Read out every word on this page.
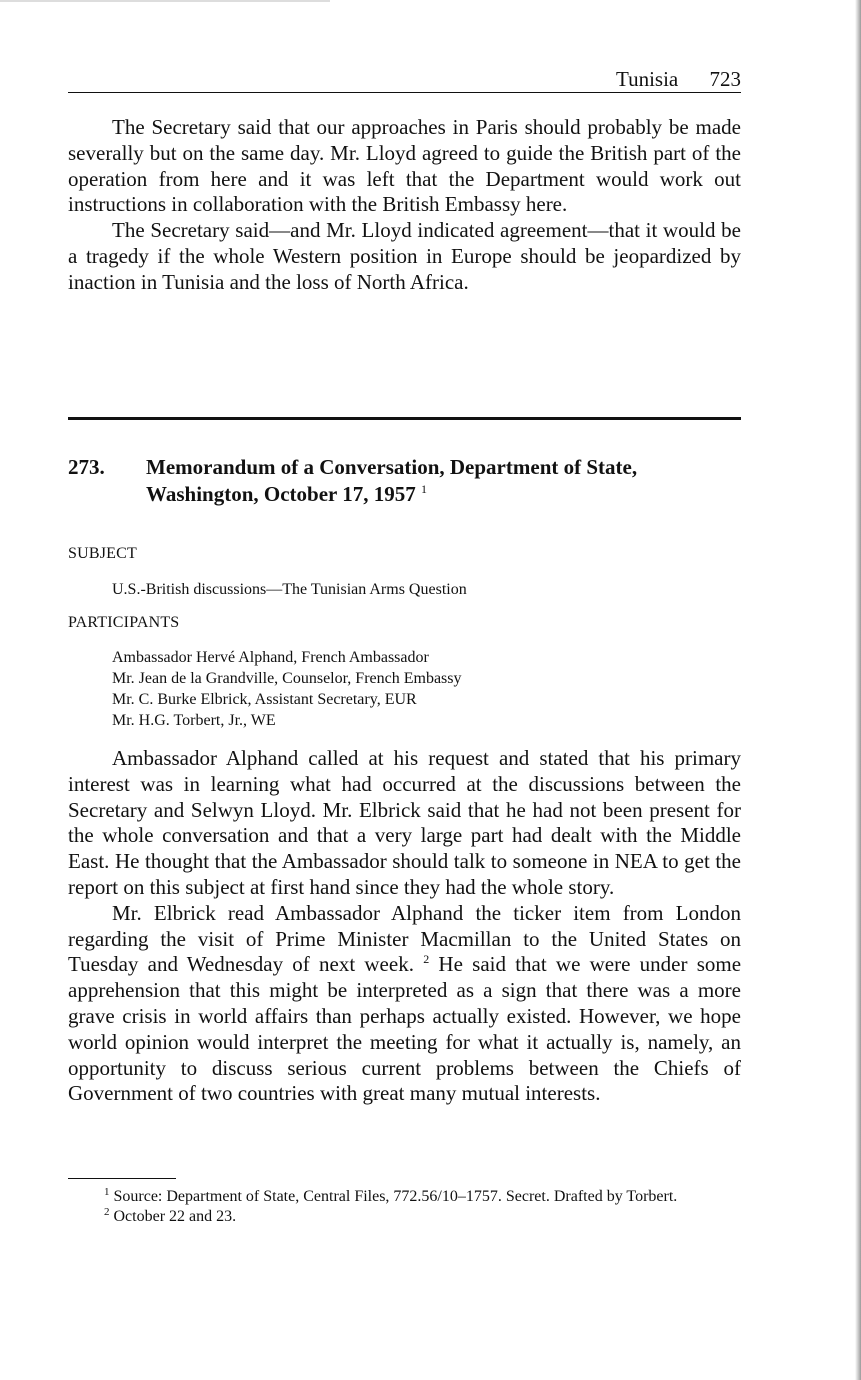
Tunisia 723

The Secretary said that our approaches in Paris should probably be made severally but on the same day. Mr. Lloyd agreed to guide the British part of the operation from here and it was left that the Department would work out instructions in collaboration with the British Embassy here.

The Secretary said—and Mr. Lloyd indicated agreement—that it would be a tragedy if the whole Western position in Europe should be jeopardized by inaction in Tunisia and the loss of North Africa.

273. Memorandum of a Conversation, Department of State,
Washington, October 17, 1957 $^1$
SUBJECT
U.S.-British discussions—The Tunisian Arms Question
PARTICIPANTS
Ambassador Hervé Alphand, French Ambassador
Mr. Jean de la Grandville, Counselor, French Embassy
Mr. C. Burke Elbrick, Assistant Secretary, EUR
Mr. H.G. Torbert, Jr., WE

Ambassador Alphand called at his request and stated that his primary interest was in learning what had occurred at the discussions between the Secretary and Selwyn Lloyd. Mr. Elbrick said that he had not been present for the whole conversation and that a very large part had dealt with the Middle East. He thought that the Ambassador should talk to someone in NEA to get the report on this subject at first hand since they had the whole story.

Mr. Elbrick read Ambassador Alphand the ticker item from London regarding the visit of Prime Minister Macmillan to the United States on Tuesday and Wednesday of next week. $^2$ He said that we were under some apprehension that this might be interpreted as a sign that there was a more grave crisis in world affairs than perhaps actually existed. However, we hope world opinion would interpret the meeting for what it actually is, namely, an opportunity to discuss serious current problems between the Chiefs of Government of two countries with great many mutual interests.

$^1$ Source: Department of State, Central Files, 772.56/10–1757. Secret. Drafted by Torbert.

$^2$ October 22 and 23.
